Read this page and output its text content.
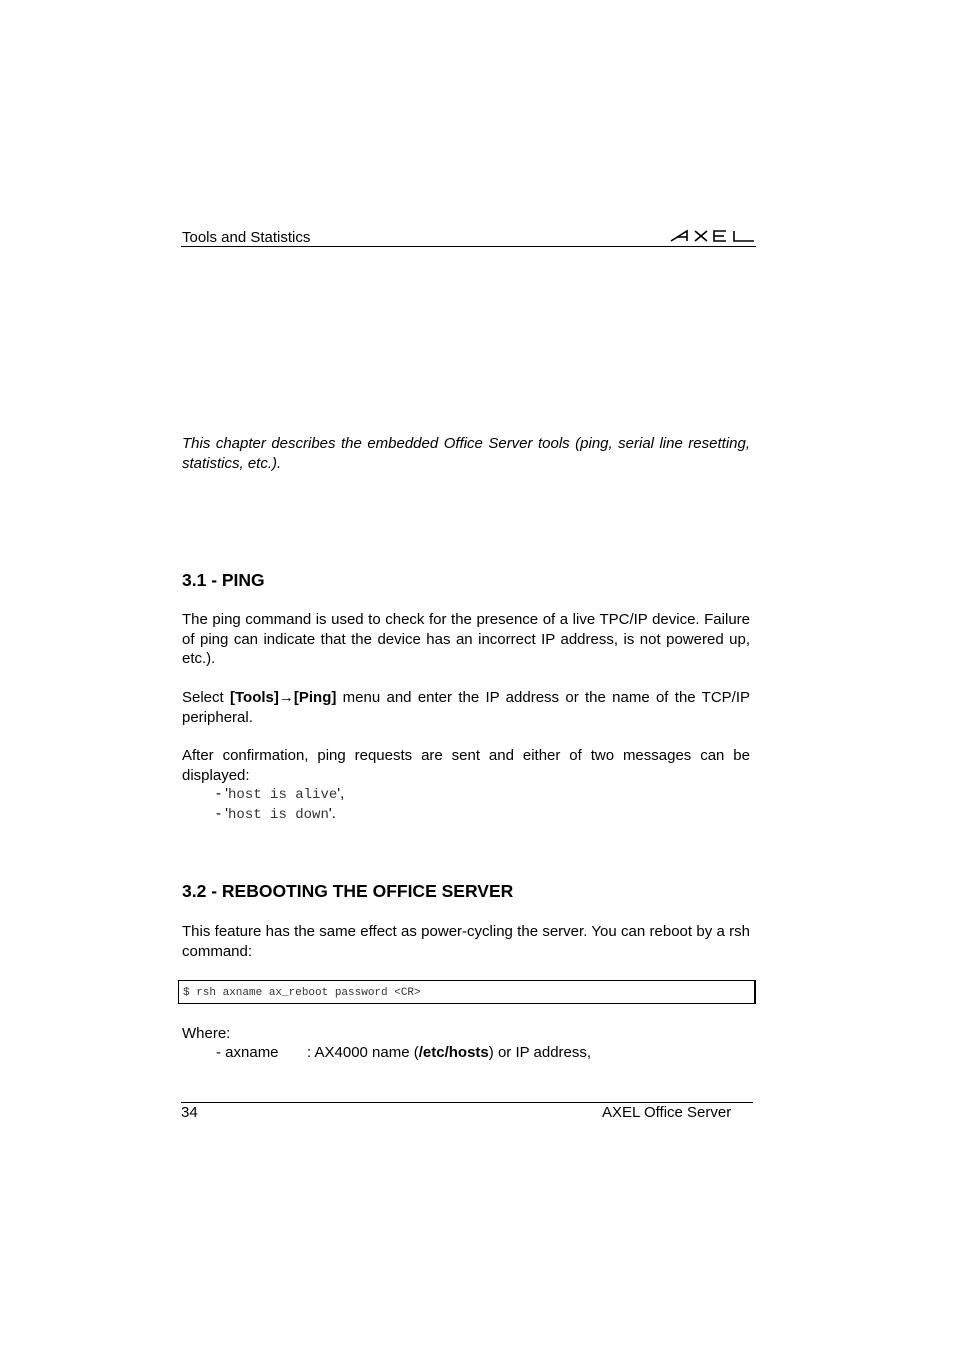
Tools and Statistics
This chapter describes the embedded Office Server tools (ping, serial line resetting, statistics, etc.).
3.1 - PING
The ping command is used to check for the presence of a live TPC/IP device. Failure of ping can indicate that the device has an incorrect IP address, is not powered up, etc.).
Select [Tools]→[Ping] menu and enter the IP address or the name of the TCP/IP peripheral.
After confirmation, ping requests are sent and either of two messages can be displayed:
- 'host is alive',
- 'host is down'.
3.2 - REBOOTING THE OFFICE SERVER
This feature has the same effect as power-cycling the server. You can reboot by a rsh command:
$ rsh axname ax_reboot password <CR>
Where:
- axname : AX4000 name (/etc/hosts) or IP address,
34	AXEL Office Server
